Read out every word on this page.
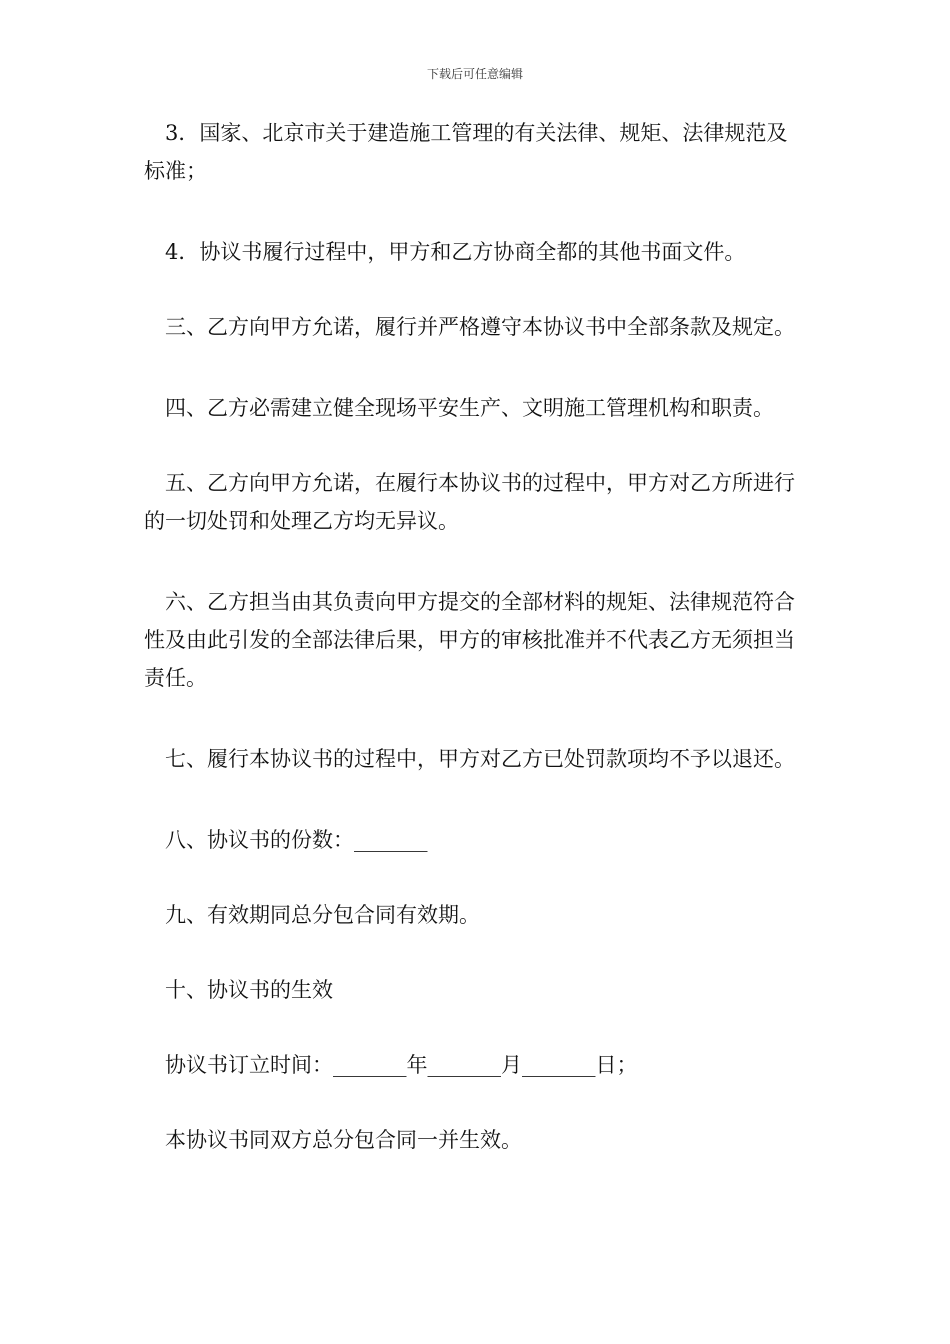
下载后可任意编辑

3．国家、北京市关于建造施工管理的有关法律、规矩、法律规范及标准；

4．协议书履行过程中，甲方和乙方协商全都的其他书面文件。

三、乙方向甲方允诺，履行并严格遵守本协议书中全部条款及规定。

四、乙方必需建立健全现场平安生产、文明施工管理机构和职责。

五、乙方向甲方允诺，在履行本协议书的过程中，甲方对乙方所进行的一切处罚和处理乙方均无异议。

六、乙方担当由其负责向甲方提交的全部材料的规矩、法律规范符合性及由此引发的全部法律后果，甲方的审核批准并不代表乙方无须担当责任。

七、履行本协议书的过程中，甲方对乙方已处罚款项均不予以退还。

八、协议书的份数：_______

九、有效期同总分包合同有效期。

十、协议书的生效

协议书订立时间：_______年_______月_______日；

本协议书同双方总分包合同一并生效。
